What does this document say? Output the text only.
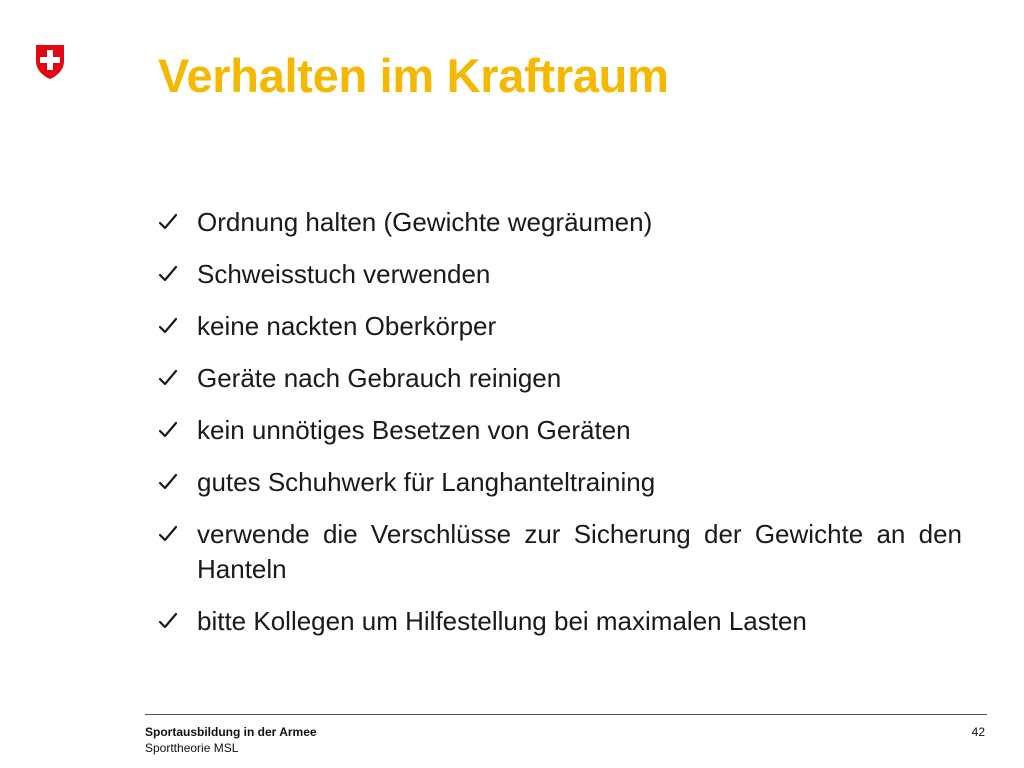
Verhalten im Kraftraum
Ordnung halten (Gewichte wegräumen)
Schweisstuch verwenden
keine nackten Oberkörper
Geräte nach Gebrauch reinigen
kein unnötiges Besetzen von Geräten
gutes Schuhwerk für Langhanteltraining
verwende die Verschlüsse zur Sicherung der Gewichte an den Hanteln
bitte Kollegen um Hilfestellung bei maximalen Lasten
Sportausbildung in der Armee
Sporttheorie MSL
42
